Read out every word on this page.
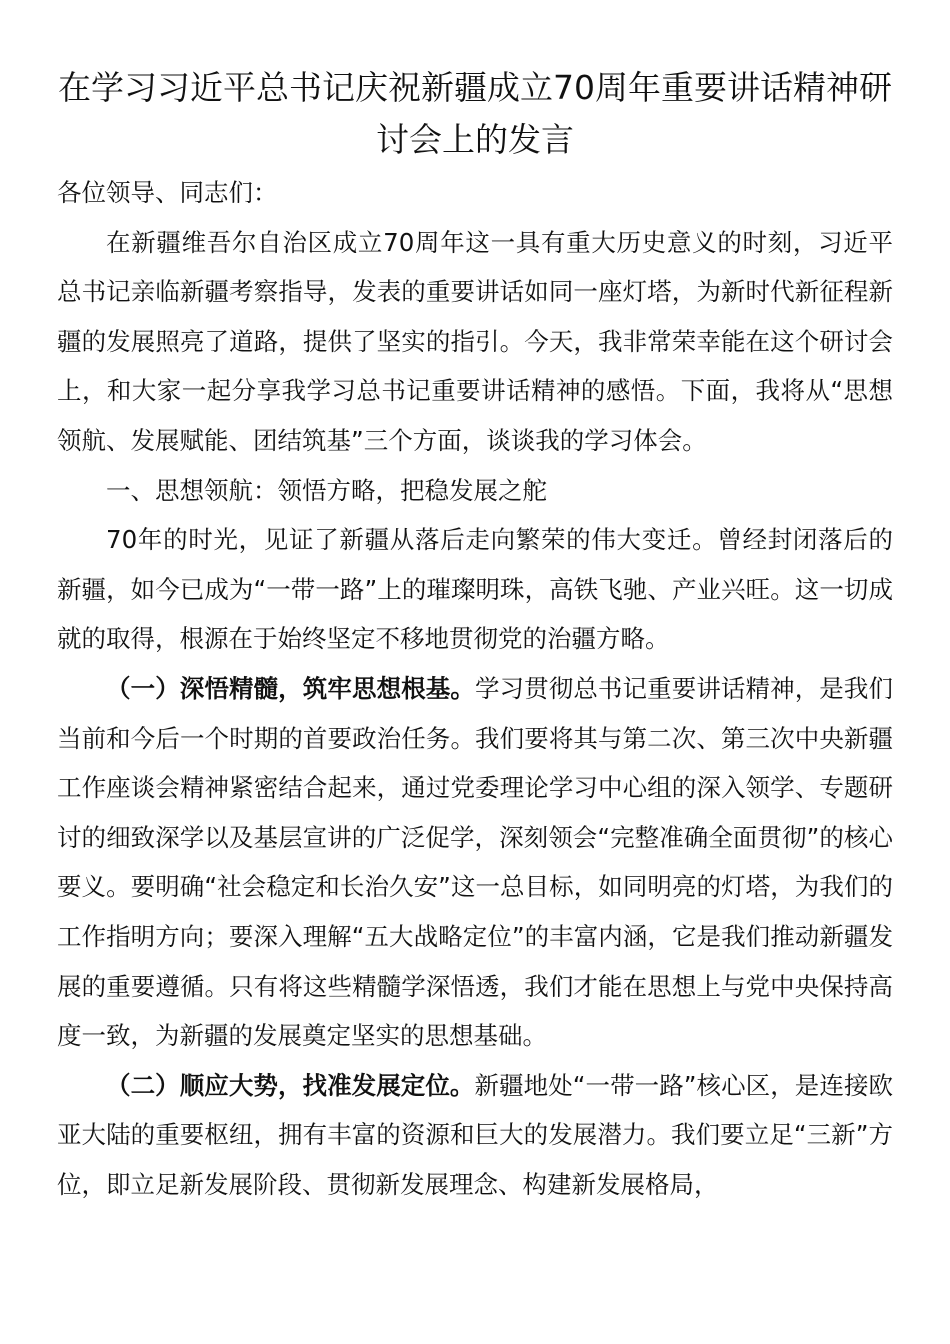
在学习习近平总书记庆祝新疆成立70周年重要讲话精神研讨会上的发言

各位领导、同志们：

在新疆维吾尔自治区成立70周年这一具有重大历史意义的时刻，习近平总书记亲临新疆考察指导，发表的重要讲话如同一座灯塔，为新时代新征程新疆的发展照亮了道路，提供了坚实的指引。今天，我非常荣幸能在这个研讨会上，和大家一起分享我学习总书记重要讲话精神的感悟。下面，我将从“思想领航、发展赋能、团结筑基”三个方面，谈谈我的学习体会。

一、思想领航：领悟方略，把稳发展之舵

70年的时光，见证了新疆从落后走向繁荣的伟大变迁。曾经封闭落后的新疆，如今已成为“一带一路”上的璀璨明珠，高铁飞驰、产业兴旺。这一切成就的取得，根源在于始终坚定不移地贯彻党的治疆方略。

（一）深悟精髓，筑牢思想根基。学习贯彻总书记重要讲话精神，是我们当前和今后一个时期的首要政治任务。我们要将其与第二次、第三次中央新疆工作座谈会精神紧密结合起来，通过党委理论学习中心组的深入领学、专题研讨的细致深学以及基层宣讲的广泛促学，深刻领会“完整准确全面贯彻”的核心要义。要明确“社会稳定和长治久安”这一总目标，如同明亮的灯塔，为我们的工作指明方向；要深入理解“五大战略定位”的丰富内涵，它是我们推动新疆发展的重要遵循。只有将这些精髓学深悟透，我们才能在思想上与党中央保持高度一致，为新疆的发展奠定坚实的思想基础。

（二）顺应大势，找准发展定位。新疆地处“一带一路”核心区，是连接欧亚大陆的重要枢纽，拥有丰富的资源和巨大的发展潜力。我们要立足“三新”方位，即立足新发展阶段、贯彻新发展理念、构建新发展格局，
